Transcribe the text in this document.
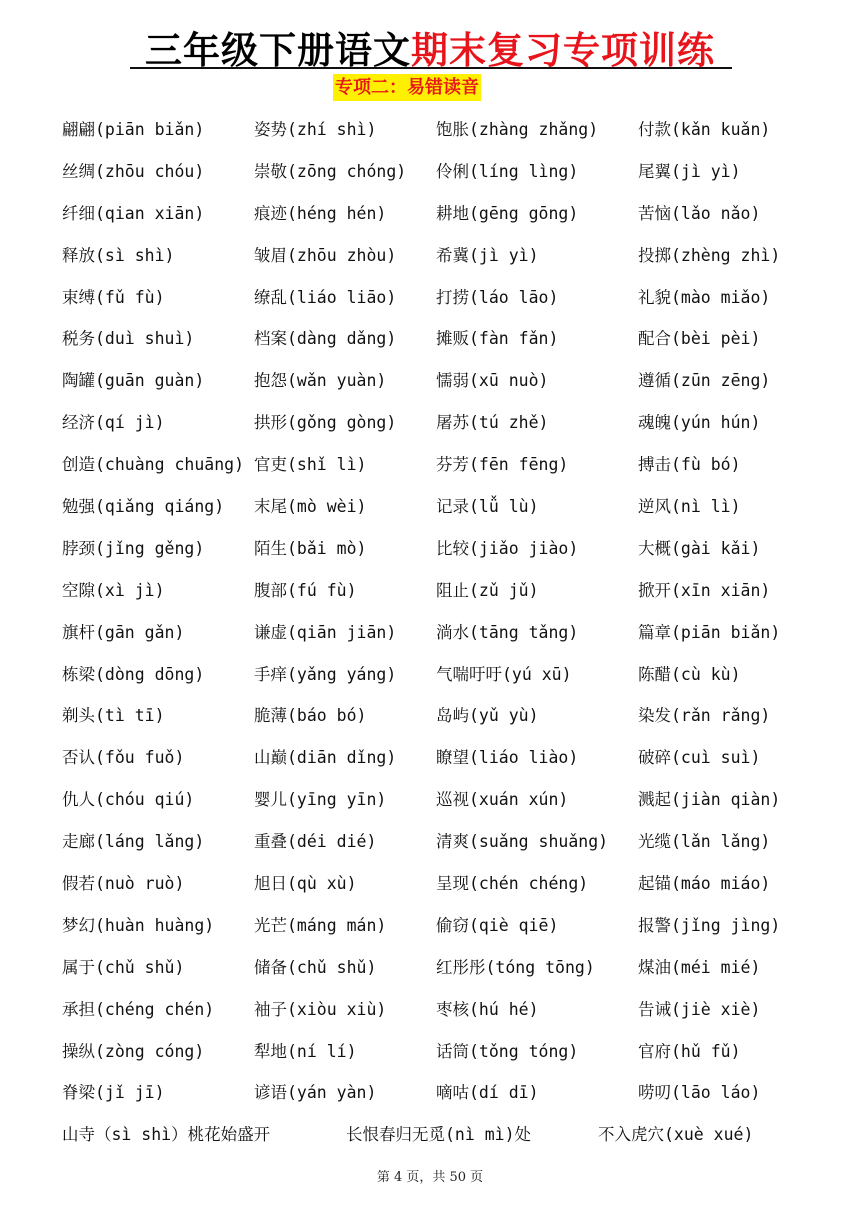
三年级下册语文期末复习专项训练
专项二：易错读音
翩翩(piān biǎn)	姿势(zhí shì)	饱胀(zhàng zhǎng) 付款(kǎn kuǎn)
丝绸(zhōu chóu)	崇敬(zōng chóng) 伶俐(líng lìng)	尾翼(jì yì)
纤细(qian xiān)	痕迹(héng hén)	耕地(gēng gōng)	苦恼(lǎo nǎo)
释放(sì shì)	皱眉(zhōu zhòu) 希冀(jì yì)	投掷(zhèng zhì)
束缚(fǔ fù)	缭乱(liáo liāo) 打捞(láo lāo)	礼貌(mào miǎo)
税务(duì shuì)	档案(dàng dǎng) 摊贩(fàn fǎn)	配合(bèi pèi)
陶罐(guān guàn)	抱怨(wǎn yuàn)	懦弱(xū nuò)	遵循(zūn zēng)
经济(qí jì)	拱形(gǒng gòng) 屠苏(tú zhě)	魂魄(yún hún)
创造(chuàng chuāng) 官吏(shǐ lì)	芬芳(fēn fēng)	搏击(fù bó)
勉强(qiǎng qiáng) 末尾(mò wèi)	记录(lǚ lù)	逆风(nì lì)
脖颈(jǐng gěng)	陌生(bǎi mò)	比较(jiǎo jiào)	大概(gài kǎi)
空隙(xì jì)	腹部(fú fù)	阻止(zǔ jǔ)	掀开(xīn xiān)
旗杆(gān gǎn)	谦虚(qiān jiān) 淌水(tāng tǎng)	篇章(piān biǎn)
栋梁(dòng dōng)	手痒(yǎng yáng) 气喘吁吁(yú xū)	陈醋(cù kù)
剃头(tì tī)	脆薄(báo bó)	岛屿(yǔ yù)	染发(rǎn rǎng)
否认(fǒu fuǒ)	山巅(diān dǐng) 瞭望(liáo liào)	破碎(cuì suì)
仇人(chóu qiú)	婴儿(yīng yīn)	巡视(xuán xún)	溅起(jiàn qiàn)
走廊(láng lǎng)	重叠(déi dié)	清爽(suǎng shuǎng) 光缆(lǎn lǎng)
假若(nuò ruò)	旭日(qù xù)	呈现(chén chéng)	起锚(máo miáo)
梦幻(huàn huàng) 光芒(máng mán)	偷窃(qiè qiē)	报警(jǐng jìng)
属于(chǔ shǔ)	储备(chǔ shǔ)	红彤彤(tóng tōng)	煤油(méi mié)
承担(chéng chén) 袖子(xiòu xiù)	枣核(hú hé)	告诫(jiè xiè)
操纵(zòng cóng)	犁地(ní lí)	话筒(tǒng tóng)	官府(hǔ fǔ)
脊梁(jǐ jī)	谚语(yán yàn)	嘀咕(dí dī)	唠叨(lāo láo)
山寺（sì shì）桃花始盛开	长恨春归无觅(nì mì)处	不入虎穴(xuè xué)
第 4 页，共 50 页
